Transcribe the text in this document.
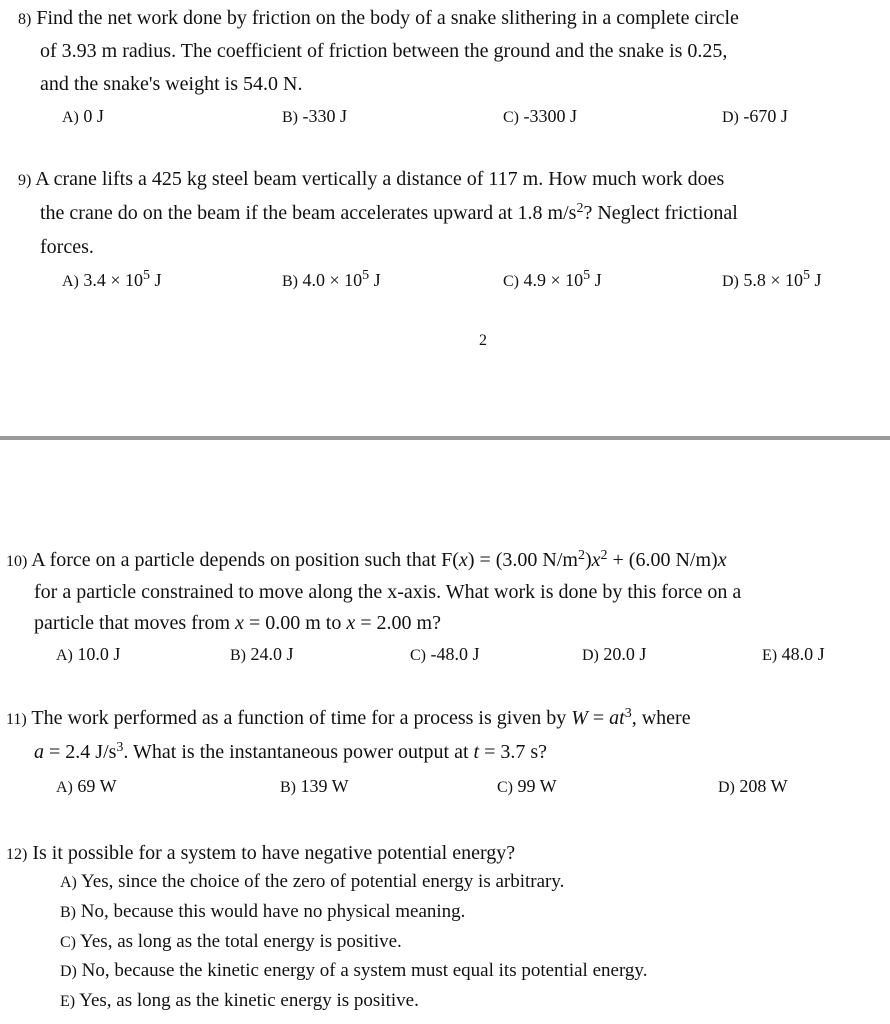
8) Find the net work done by friction on the body of a snake slithering in a complete circle
of 3.93 m radius. The coefficient of friction between the ground and the snake is 0.25,
and the snake's weight is 54.0 N.
A) 0 J	B) -330 J	C) -3300 J	D) -670 J
9) A crane lifts a 425 kg steel beam vertically a distance of 117 m. How much work does
the crane do on the beam if the beam accelerates upward at 1.8 $m/s^2$? Neglect frictional
forces.
A) $3.4 \times 10^5$ J	B) $4.0 \times 10^5$ J	C) $4.9 \times 10^5$ J	D) $5.8 \times 10^5$ J
2
10) A force on a particle depends on position such that F(x) = (3.00 $N/m^2)x^2 + (6.00$ N/m)x
for a particle constrained to move along the x-axis. What work is done by this force on a
particle that moves from x = 0.00 m to x = 2.00 m?
A) 10.0 J	B) 24.0 J	C) -48.0 J	D) 20.0 J	E) 48.0 J
11) The work performed as a function of time for a process is given by $W = at^3$, where
a = 2.4 $J/s^3$. What is the instantaneous power output at t = 3.7 s?
A) 69 W	B) 139 W	C) 99 W	D) 208 W
12) Is it possible for a system to have negative potential energy?
A) Yes, since the choice of the zero of potential energy is arbitrary.
B) No, because this would have no physical meaning.
C) Yes, as long as the total energy is positive.
D) No, because the kinetic energy of a system must equal its potential energy.
E) Yes, as long as the kinetic energy is positive.
